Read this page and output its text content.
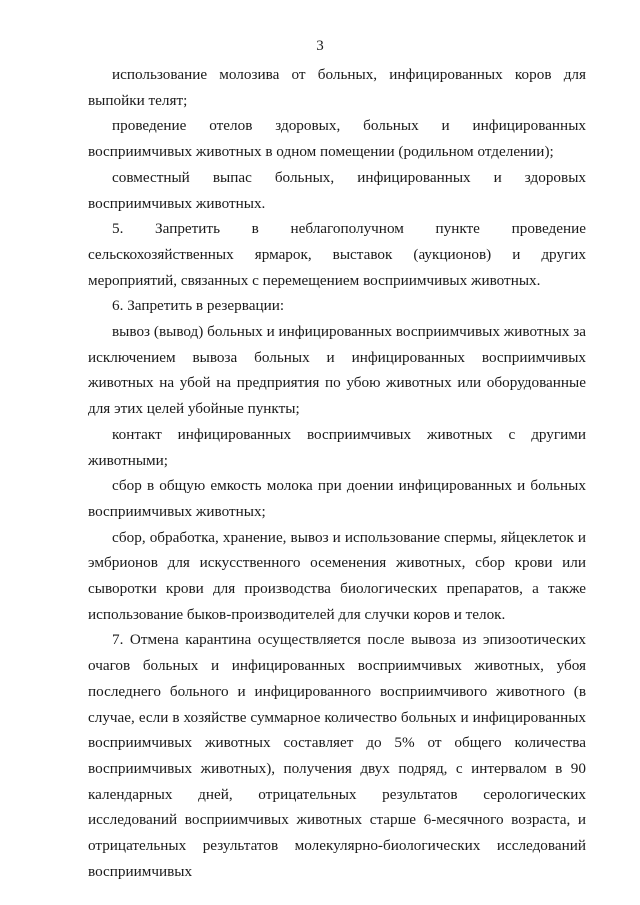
3

использование молозива от больных, инфицированных коров для выпойки телят;

проведение отелов здоровых, больных и инфицированных восприимчивых животных в одном помещении (родильном отделении);

совместный выпас больных, инфицированных и здоровых восприимчивых животных.

5. Запретить в неблагополучном пункте проведение сельскохозяйственных ярмарок, выставок (аукционов) и других мероприятий, связанных с перемещением восприимчивых животных.

6. Запретить в резервации:

вывоз (вывод) больных и инфицированных восприимчивых животных за исключением вывоза больных и инфицированных восприимчивых животных на убой на предприятия по убою животных или оборудованные для этих целей убойные пункты;

контакт инфицированных восприимчивых животных с другими животными;

сбор в общую емкость молока при доении инфицированных и больных восприимчивых животных;

сбор, обработка, хранение, вывоз и использование спермы, яйцеклеток и эмбрионов для искусственного осеменения животных, сбор крови или сыворотки крови для производства биологических препаратов, а также использование быков-производителей для случки коров и телок.

7. Отмена карантина осуществляется после вывоза из эпизоотических очагов больных и инфицированных восприимчивых животных, убоя последнего больного и инфицированного восприимчивого животного (в случае, если в хозяйстве суммарное количество больных и инфицированных восприимчивых животных составляет до 5% от общего количества восприимчивых животных), получения двух подряд, с интервалом в 90 календарных дней, отрицательных результатов серологических исследований восприимчивых животных старше 6-месячного возраста, и отрицательных результатов молекулярно-биологических исследований восприимчивых
